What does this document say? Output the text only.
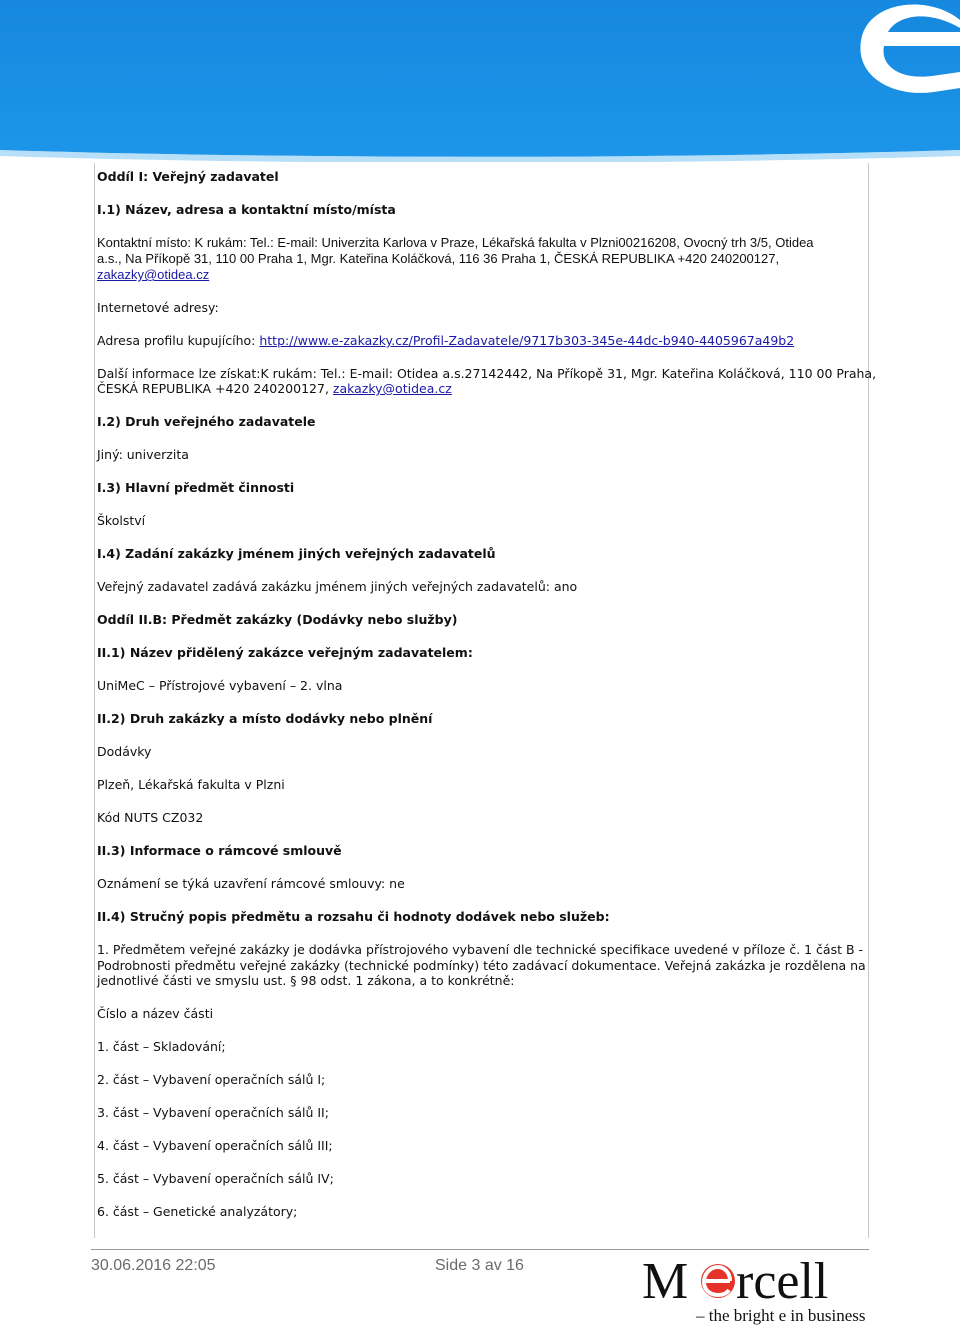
Oddíl I: Veřejný zadavatel
I.1) Název, adresa a kontaktní místo/místa
Kontaktní místo: K rukám: Tel.: E-mail: Univerzita Karlova v Praze, Lékařská fakulta v Plzni00216208, Ovocný trh 3/5, Otidea
a.s., Na Příkopě 31, 110 00 Praha 1, Mgr. Kateřina Koláčková, 116 36 Praha 1, ČESKÁ REPUBLIKA +420 240200127,
zakazky@otidea.cz
Internetové adresy:
Adresa profilu kupujícího: http://www.e-zakazky.cz/Profil-Zadavatele/9717b303-345e-44dc-b940-4405967a49b2
Další informace lze získat:K rukám: Tel.: E-mail: Otidea a.s.27142442, Na Příkopě 31, Mgr. Kateřina Koláčková, 110 00 Praha,
ČESKÁ REPUBLIKA +420 240200127, zakazky@otidea.cz
I.2) Druh veřejného zadavatele
Jiný: univerzita
I.3) Hlavní předmět činnosti
Školství
I.4) Zadání zakázky jménem jiných veřejných zadavatelů
Veřejný zadavatel zadává zakázku jménem jiných veřejných zadavatelů: ano
Oddíl II.B: Předmět zakázky (Dodávky nebo služby)
II.1) Název přidělený zakázce veřejným zadavatelem:
UniMeC – Přístrojové vybavení – 2. vlna
II.2) Druh zakázky a místo dodávky nebo plnění
Dodávky
Plzeň, Lékařská fakulta v Plzni
Kód NUTS CZ032
II.3) Informace o rámcové smlouvě
Oznámení se týká uzavření rámcové smlouvy: ne
II.4) Stručný popis předmětu a rozsahu či hodnoty dodávek nebo služeb:
1. Předmětem veřejné zakázky je dodávka přístrojového vybavení dle technické specifikace uvedené v příloze č. 1 část B -
Podrobnosti předmětu veřejné zakázky (technické podmínky) této zadávací dokumentace. Veřejná zakázka je rozdělena na
jednotlivé části ve smyslu ust. § 98 odst. 1 zákona, a to konkrétně:
Číslo a název části
1. část – Skladování;
2. část – Vybavení operačních sálů I;
3. část – Vybavení operačních sálů II;
4. část – Vybavení operačních sálů III;
5. část – Vybavení operačních sálů IV;
6. část – Genetické analyzátory;
30.06.2016 22:05	Side 3 av 16 M rcell
– the bright e in business
